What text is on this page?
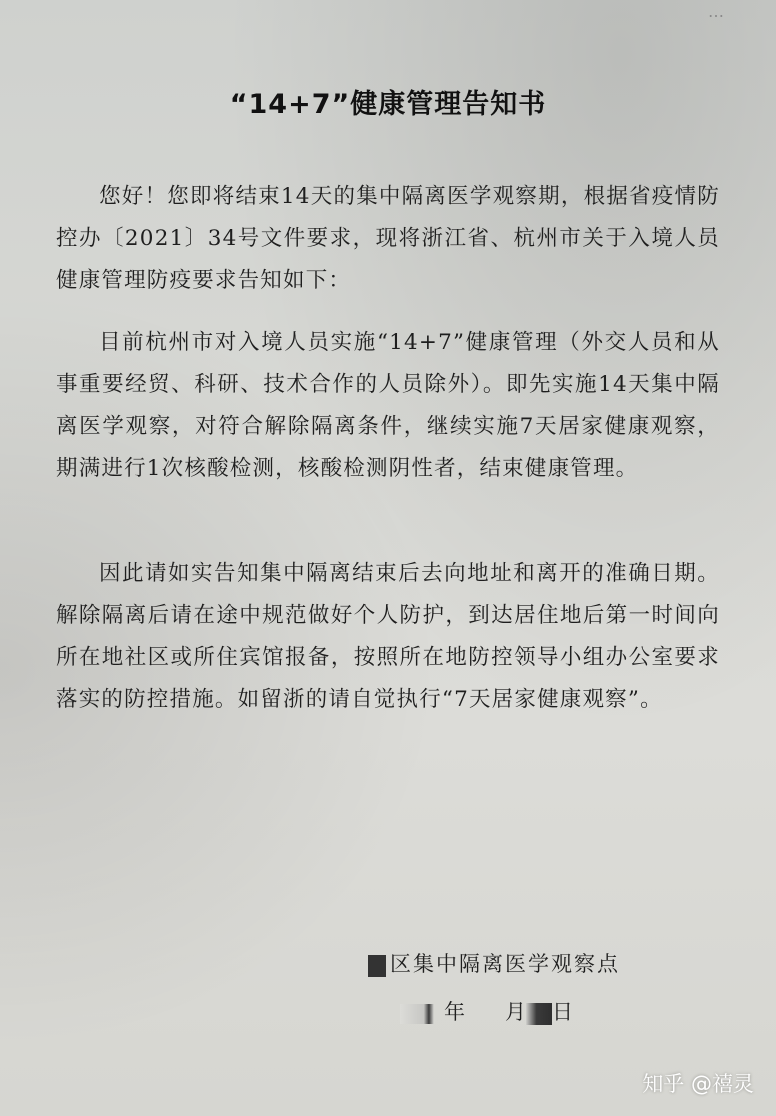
…
“14+7”健康管理告知书

您好！您即将结束14天的集中隔离医学观察期，根据省疫情防控办〔2021〕34号文件要求，现将浙江省、杭州市关于入境人员健康管理防疫要求告知如下：

目前杭州市对入境人员实施“14+7”健康管理（外交人员和从事重要经贸、科研、技术合作的人员除外）。即先实施14天集中隔离医学观察，对符合解除隔离条件，继续实施7天居家健康观察，期满进行1次核酸检测，核酸检测阴性者，结束健康管理。

因此请如实告知集中隔离结束后去向地址和离开的准确日期。解除隔离后请在途中规范做好个人防护，到达居住地后第一时间向所在地社区或所住宾馆报备，按照所在地防控领导小组办公室要求落实的防控措施。如留浙的请自觉执行“7天居家健康观察”。

区集中隔离医学观察点
年 月 日
知乎 @禧灵
